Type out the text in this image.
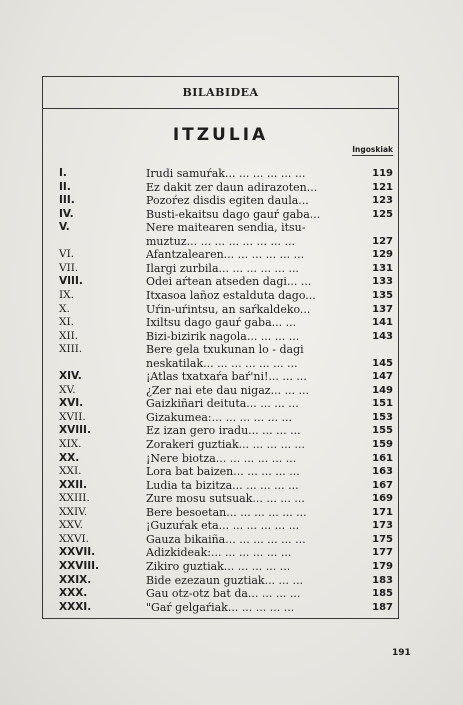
BILABIDEA
ITZULIA
Ingoskiak
I.	Irudi samuŕak... ... ... ... ... ...	119
II.	Ez dakit zer daun adirazoten...	121
III.	Pozoŕez disdis egiten daula...	123
IV.	Busti-ekaitsu dago gauŕ gaba...	125
V.	Nere maitearen sendia, itsu-
muztuz... ... ... ... ... ... ... ...	127
VI.	Afantzalearen... ... ... ... ... ...	129
VII.	Ilargi zurbila... ... ... ... ... ...	131
VIII.	Odei aŕtean atseden dagi... ...	133
IX.	Itxasoa lañoz estalduta dago...	135
X.	Uŕin-uŕintsu, an saŕkaldeko...	137
XI.	Ixiltsu dago gauŕ gaba... ...	141
XII.	Bizi-bizirik nagola... ... ... ...	143
XIII.	Bere gela txukunan lo - dagi
neskatilak... ... ... ... ... ... ...	145
XIV.	¡Atlas txatxaŕa baŕ'ni!... ... ...	147
XV.	¿Zer nai ete dau nigaz... ... ...	149
XVI.	Gaizkiñari deituta... ... ... ...	151
XVII.	Gizakumea:... ... ... ... ... ...	153
XVIII.	Ez izan gero iradu... ... ... ...	155
XIX.	Zorakeri guztiak... ... ... ... ...	159
XX.	¡Nere biotza... ... ... ... ... ...	161
XXI.	Lora bat baizen... ... ... ... ...	163
XXII.	Ludia ta bizitza... ... ... ... ...	167
XXIII.	Zure mosu sutsuak... ... ... ...	169
XXIV.	Bere besoetan... ... ... ... ... ...	171
XXV.	¡Guzuŕak eta... ... ... ... ... ...	173
XXVI.	Gauza bikaiña... ... ... ... ... ...	175
XXVII.	Adizkideak:... ... ... ... ... ...	177
XXVIII.	Zikiro guztiak... ... ... ... ...	179
XXIX.	Bide ezezaun guztiak... ... ...	183
XXX.	Gau otz-otz bat da... ... ... ...	185
XXXI.	"Gaŕ gelgaŕiak... ... ... ... ...	187
191
